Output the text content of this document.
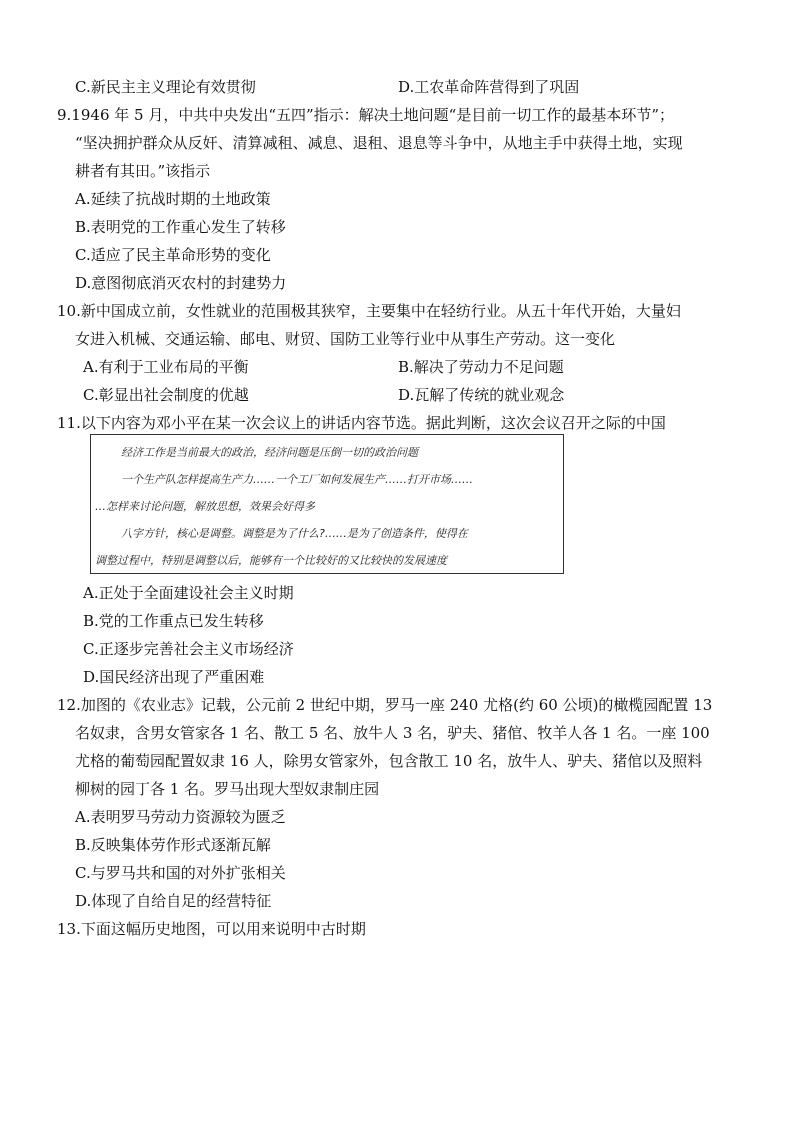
C.新民主主义理论有效贯彻	D.工农革命阵营得到了巩固
9.1946 年 5 月，中共中央发出“五四”指示：解决土地问题“是目前一切工作的最基本环节”；
“坚决拥护群众从反奸、清算减租、减息、退租、退息等斗争中，从地主手中获得土地，实现
耕者有其田。”该指示
A.延续了抗战时期的土地政策
B.表明党的工作重心发生了转移
C.适应了民主革命形势的变化
D.意图彻底消灭农村的封建势力
10.新中国成立前，女性就业的范围极其狭窄，主要集中在轻纺行业。从五十年代开始，大量妇
女进入机械、交通运输、邮电、财贸、国防工业等行业中从事生产劳动。这一变化
A.有利于工业布局的平衡	B.解决了劳动力不足问题
C.彰显出社会制度的优越	D.瓦解了传统的就业观念
11.以下内容为邓小平在某一次会议上的讲话内容节选。据此判断，这次会议召开之际的中国
经济工作是当前最大的政治，经济问题是压倒一切的政治问题
一个生产队怎样提高生产力……一个工厂如何发展生产……打开市场……
…怎样来讨论问题，解放思想，效果会好得多
八字方针，核心是调整。调整是为了什么?……是为了创造条件，使得在
调整过程中，特别是调整以后，能够有一个比较好的又比较快的发展速度
A.正处于全面建设社会主义时期
B.党的工作重点已发生转移
C.正逐步完善社会主义市场经济
D.国民经济出现了严重困难
12.加图的《农业志》记载，公元前 2 世纪中期，罗马一座 240 尤格(约 60 公顷)的橄榄园配置 13
名奴隶，含男女管家各 1 名、散工 5 名、放牛人 3 名，驴夫、猪倌、牧羊人各 1 名。一座 100
尤格的葡萄园配置奴隶 16 人，除男女管家外，包含散工 10 名，放牛人、驴夫、猪倌以及照料
柳树的园丁各 1 名。罗马出现大型奴隶制庄园
A.表明罗马劳动力资源较为匮乏
B.反映集体劳作形式逐渐瓦解
C.与罗马共和国的对外扩张相关
D.体现了自给自足的经营特征
13.下面这幅历史地图，可以用来说明中古时期
